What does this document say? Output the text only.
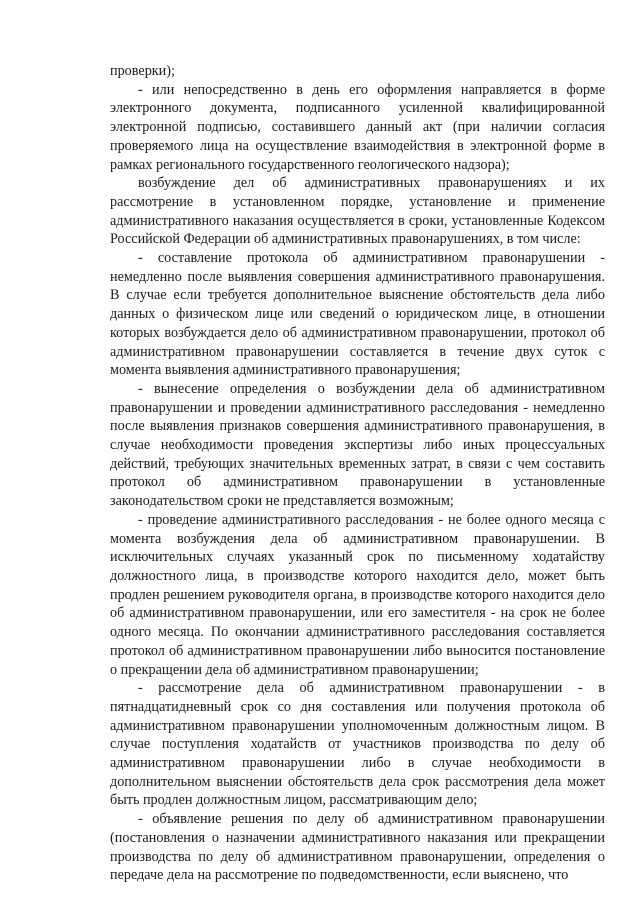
проверки);

- или непосредственно в день его оформления направляется в форме электронного документа, подписанного усиленной квалифицированной электронной подписью, составившего данный акт (при наличии согласия проверяемого лица на осуществление взаимодействия в электронной форме в рамках регионального государственного геологического надзора);

возбуждение дел об административных правонарушениях и их рассмотрение в установленном порядке, установление и применение административного наказания осуществляется в сроки, установленные Кодексом Российской Федерации об административных правонарушениях, в том числе:

- составление протокола об административном правонарушении - немедленно после выявления совершения административного правонарушения. В случае если требуется дополнительное выяснение обстоятельств дела либо данных о физическом лице или сведений о юридическом лице, в отношении которых возбуждается дело об административном правонарушении, протокол об административном правонарушении составляется в течение двух суток с момента выявления административного правонарушения;

- вынесение определения о возбуждении дела об административном правонарушении и проведении административного расследования - немедленно после выявления признаков совершения административного правонарушения, в случае необходимости проведения экспертизы либо иных процессуальных действий, требующих значительных временных затрат, в связи с чем составить протокол об административном правонарушении в установленные законодательством сроки не представляется возможным;

- проведение административного расследования - не более одного месяца с момента возбуждения дела об административном правонарушении. В исключительных случаях указанный срок по письменному ходатайству должностного лица, в производстве которого находится дело, может быть продлен решением руководителя органа, в производстве которого находится дело об административном правонарушении, или его заместителя - на срок не более одного месяца. По окончании административного расследования составляется протокол об административном правонарушении либо выносится постановление о прекращении дела об административном правонарушении;

- рассмотрение дела об административном правонарушении - в пятнадцатидневный срок со дня составления или получения протокола об административном правонарушении уполномоченным должностным лицом. В случае поступления ходатайств от участников производства по делу об административном правонарушении либо в случае необходимости в дополнительном выяснении обстоятельств дела срок рассмотрения дела может быть продлен должностным лицом, рассматривающим дело;

- объявление решения по делу об административном правонарушении (постановления о назначении административного наказания или прекращении производства по делу об административном правонарушении, определения о передаче дела на рассмотрение по подведомственности, если выяснено, что
